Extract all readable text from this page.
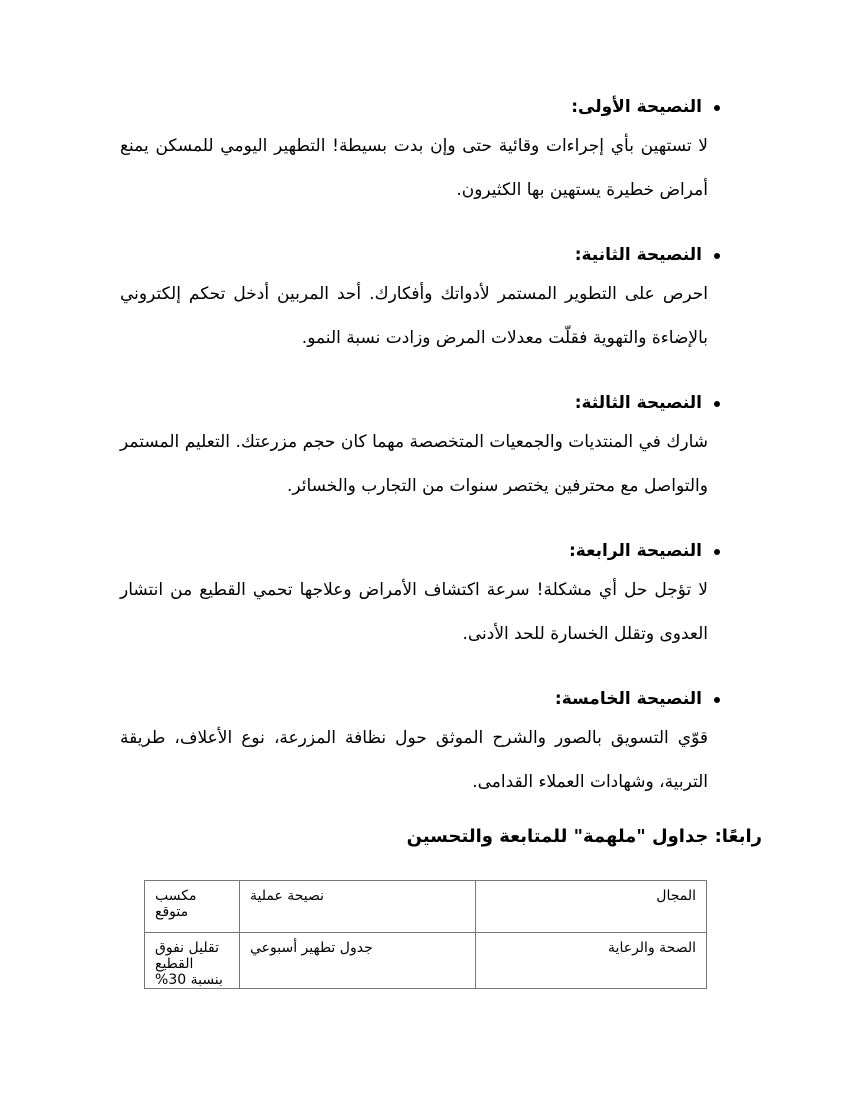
النصيحة الأولى:
لا تستهين بأي إجراءات وقائية حتى وإن بدت بسيطة! التطهير اليومي للمسكن يمنع أمراض خطيرة يستهين بها الكثيرون.
النصيحة الثانية:
احرص على التطوير المستمر لأدواتك وأفكارك. أحد المربين أدخل تحكم إلكتروني بالإضاءة والتهوية فقلّت معدلات المرض وزادت نسبة النمو.
النصيحة الثالثة:
شارك في المنتديات والجمعيات المتخصصة مهما كان حجم مزرعتك. التعليم المستمر والتواصل مع محترفين يختصر سنوات من التجارب والخسائر.
النصيحة الرابعة:
لا تؤجل حل أي مشكلة! سرعة اكتشاف الأمراض وعلاجها تحمي القطيع من انتشار العدوى وتقلل الخسارة للحد الأدنى.
النصيحة الخامسة:
قوّي التسويق بالصور والشرح الموثق حول نظافة المزرعة، نوع الأعلاف، طريقة التربية، وشهادات العملاء القدامى.
رابعًا: جداول "ملهمة" للمتابعة والتحسين
المجال	نصيحة عملية	مكسب متوقع
الصحة والرعاية	جدول تطهير أسبوعي	تقليل نفوق القطيع بنسبة 30%
